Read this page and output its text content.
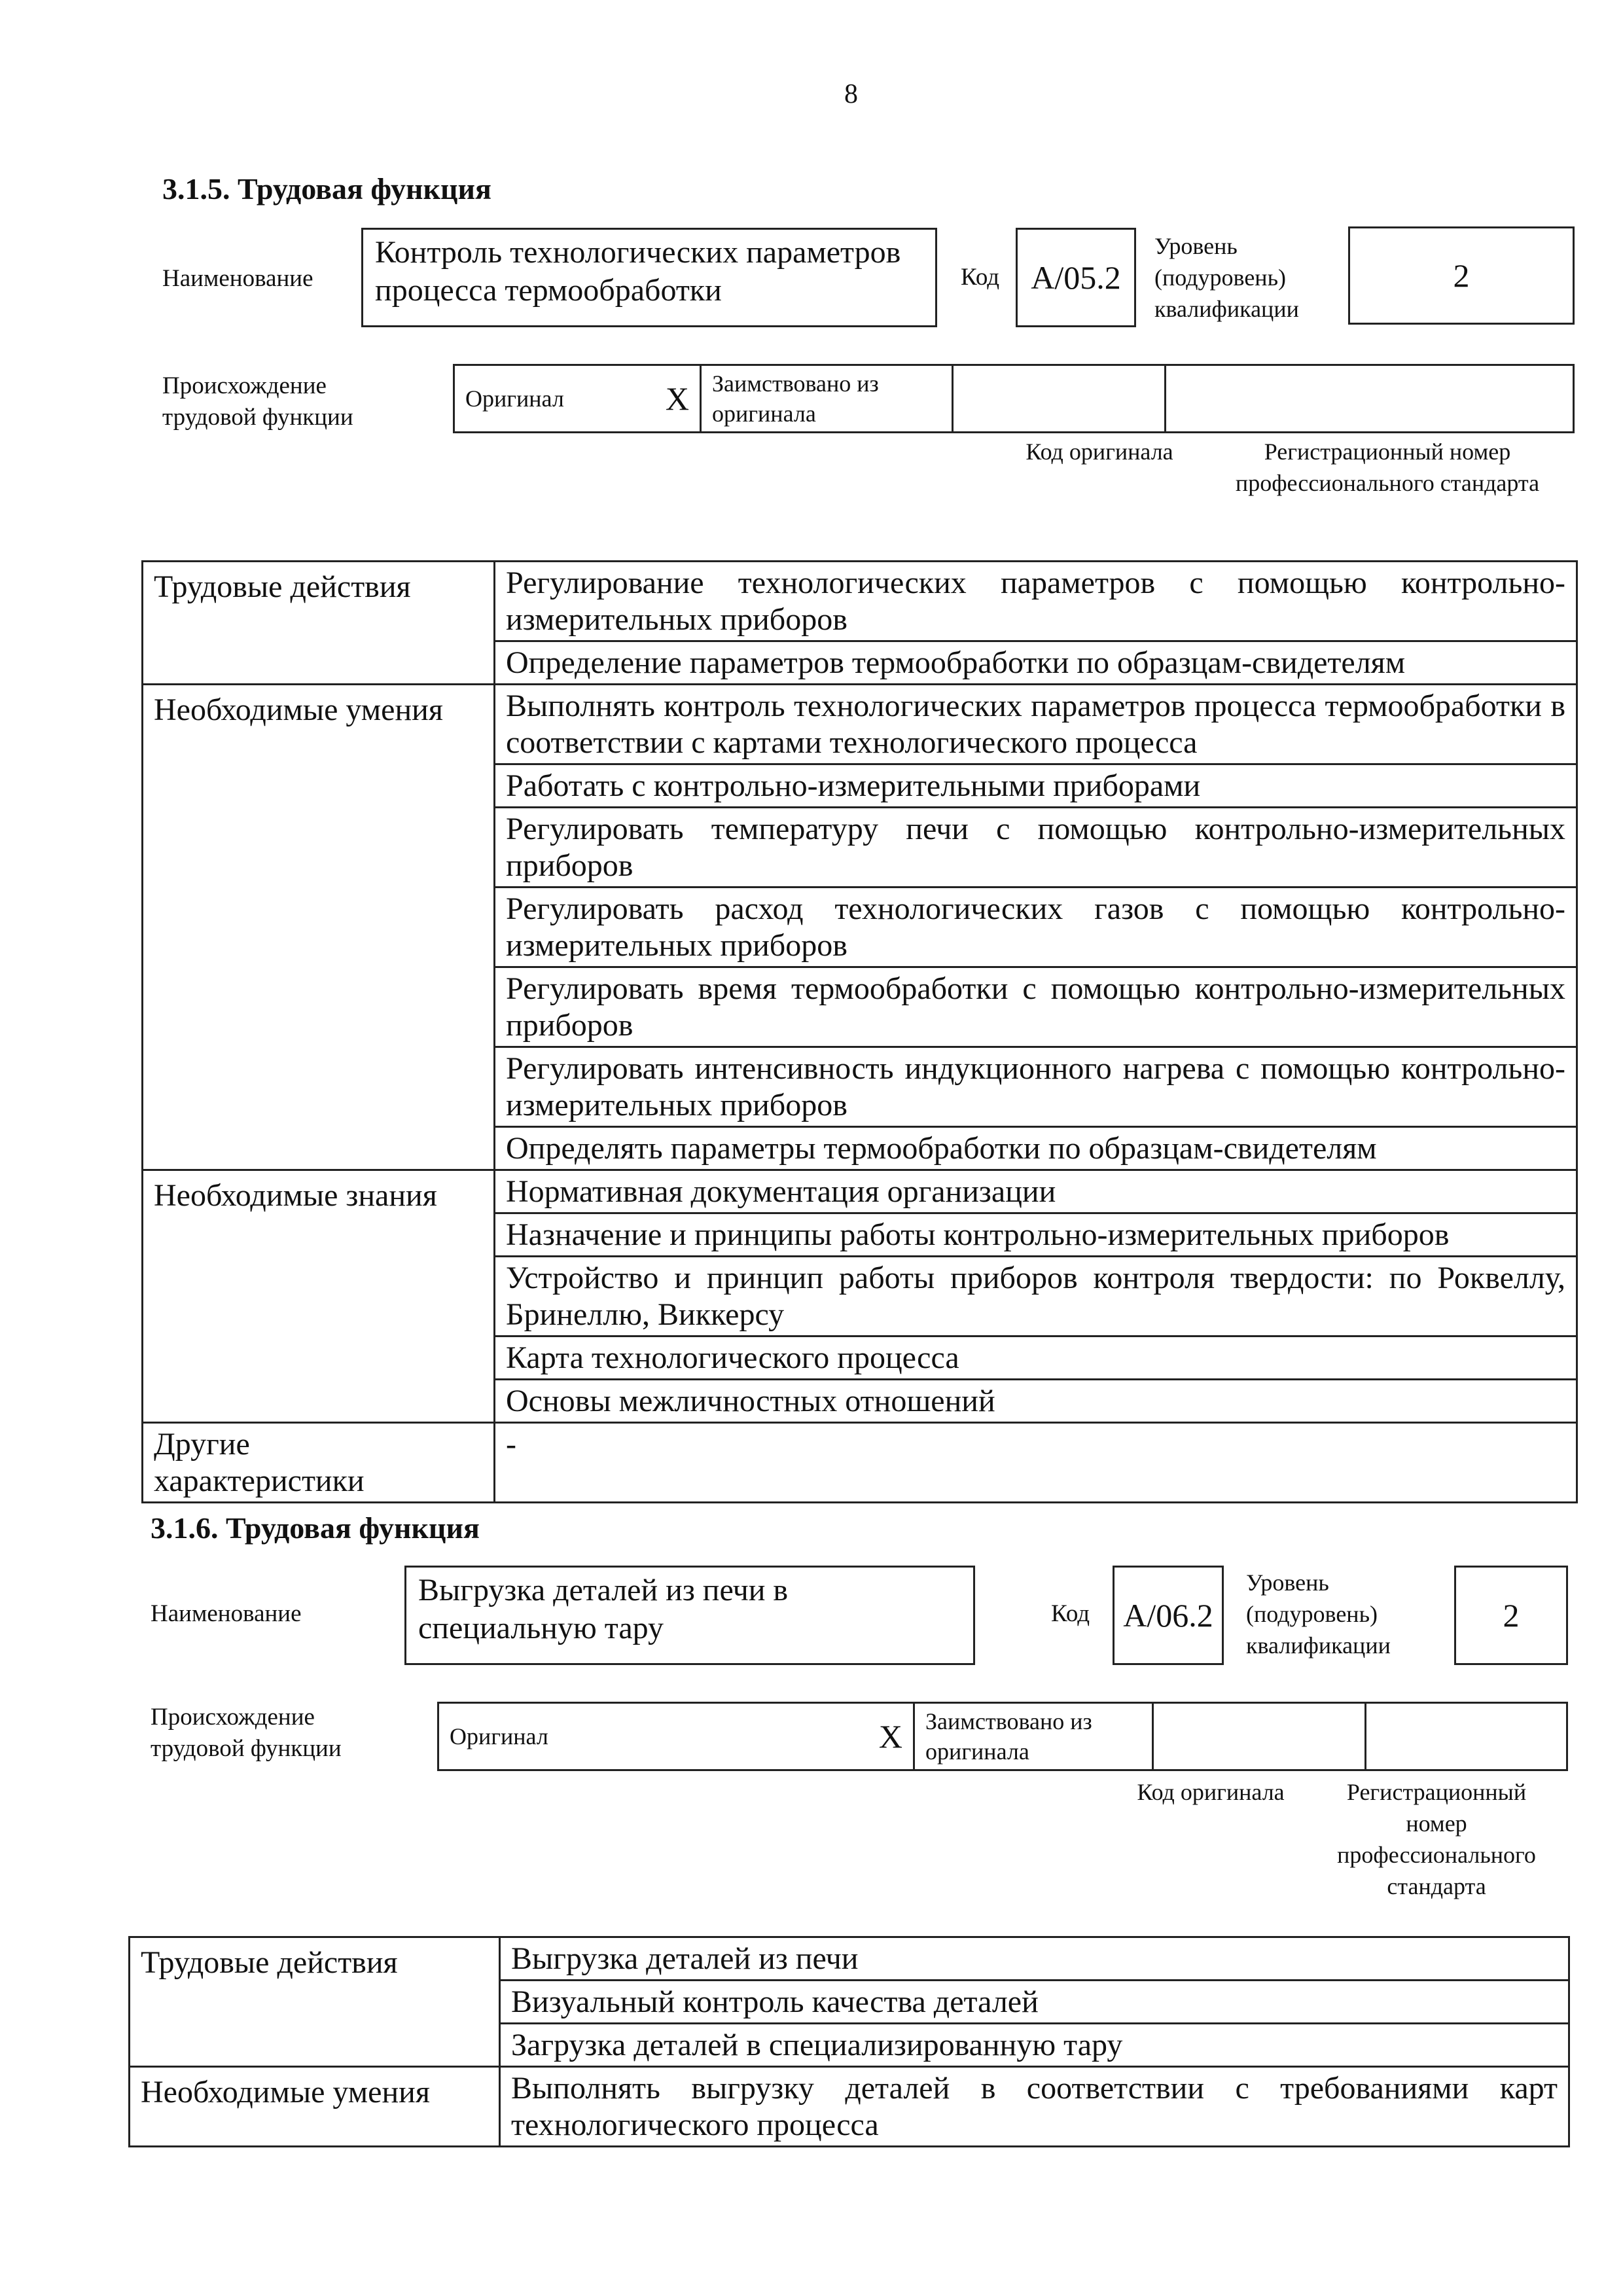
8
3.1.5. Трудовая функция
Наименование
Контроль технологических параметров процесса термообработки	Код А/05.2
Уровень (подуровень) квалификации
2
Происхождение трудовой функции
Оригинал	Х	Заимствовано из оригинала		
Код оригинала	Регистрационный номер профессионального стандарта
Трудовые действия	Регулирование технологических параметров с помощью контрольно-измерительных приборов
	Определение параметров термообработки по образцам-свидетелям
Необходимые умения	Выполнять контроль технологических параметров процесса термообработки в соответствии с картами технологического процесса
	Работать с контрольно-измерительными приборами
	Регулировать температуру печи с помощью контрольно-измерительных приборов
	Регулировать расход технологических газов с помощью контрольно-измерительных приборов
	Регулировать время термообработки с помощью контрольно-измерительных приборов
	Регулировать интенсивность индукционного нагрева с помощью контрольно-измерительных приборов
	Определять параметры термообработки по образцам-свидетелям
Необходимые знания	Нормативная документация организации
	Назначение и принципы работы контрольно-измерительных приборов
	Устройство и принцип работы приборов контроля твердости: по Роквеллу, Бринеллю, Виккерсу
	Карта технологического процесса
	Основы межличностных отношений
Другие характеристики	-
3.1.6. Трудовая функция
Наименование
Выгрузка деталей из печи в специальную тару	Код	А/06.2
Уровень (подуровень) квалификации
2
Происхождение трудовой функции	Оригинал	Х	Заимствовано из оригинала		
Код оригинала	Регистрационный номер профессионального стандарта
Трудовые действия	Выгрузка деталей из печи
	Визуальный контроль качества деталей
	Загрузка деталей в специализированную тару
Необходимые умения	Выполнять выгрузку деталей в соответствии с требованиями карт технологического процесса
